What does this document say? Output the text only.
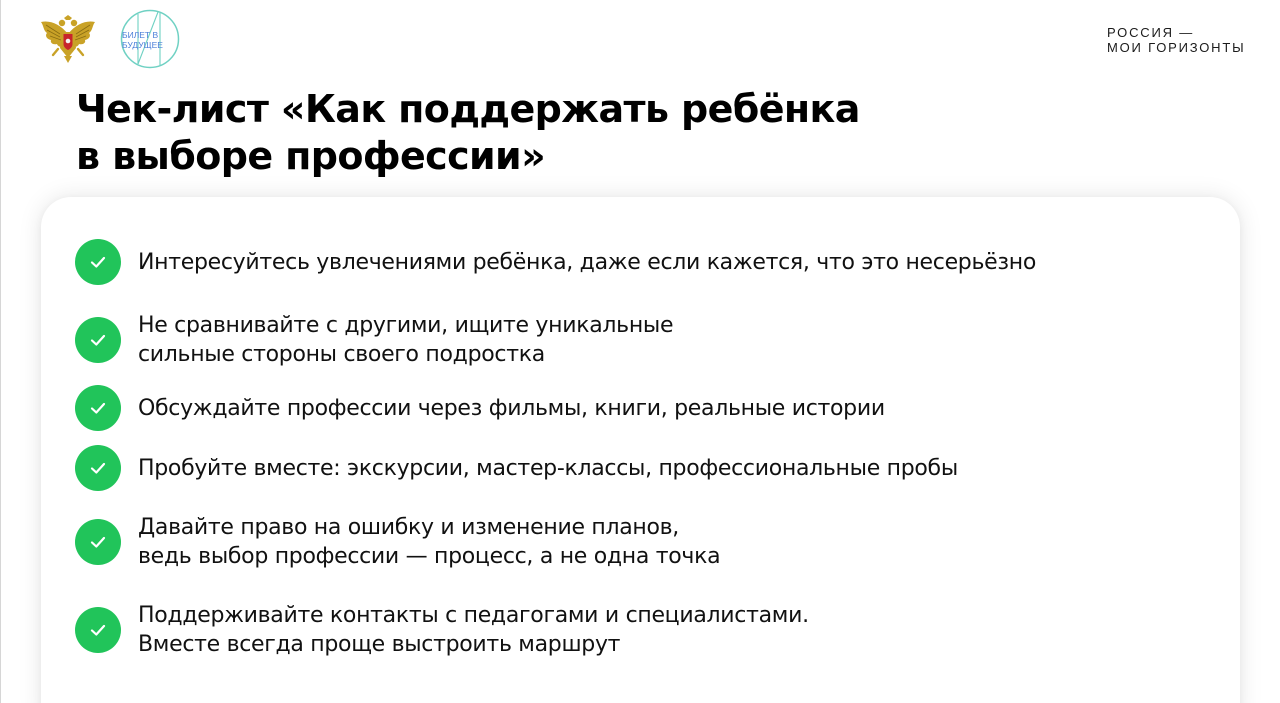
БИЛЕТ В
БУДУЩЕЕ
РОССИЯ —
МОИ ГОРИЗОНТЫ
Чек-лист «Как поддержать ребёнка
в выборе профессии»
Интересуйтесь увлечениями ребёнка, даже если кажется, что это несерьёзно
Не сравнивайте с другими, ищите уникальные
сильные стороны своего подростка
Обсуждайте профессии через фильмы, книги, реальные истории
Пробуйте вместе: экскурсии, мастер-классы, профессиональные пробы
Давайте право на ошибку и изменение планов,
ведь выбор профессии — процесс, а не одна точка
Поддерживайте контакты с педагогами и специалистами.
Вместе всегда проще выстроить маршрут
